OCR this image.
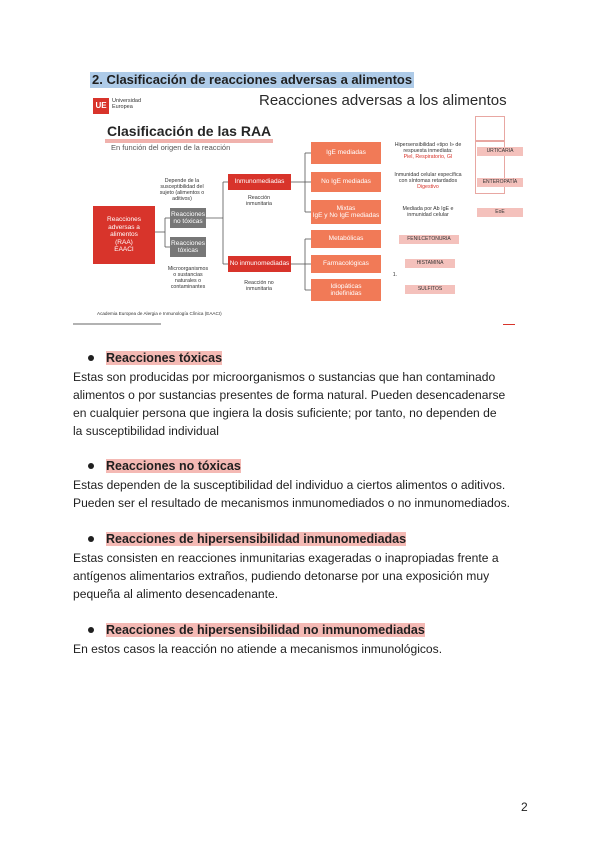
2. Clasificación de reacciones adversas a alimentos
UE Universidad
Europea	Reacciones adversas a los alimentos
Clasificación de las RAA
En función del origen de la reacción
Reacciones
adversas a
alimentos
(RAA)
EAACI
Depende de la
susceptibilidad del
sujeto (alimentos o
aditivos)
Reacciones
no tóxicas
Reacciones
tóxicas
Microorganismos
o sustancias
naturales o
contaminantes
Inmunomediadas
Reacción
inmunitaria
No inmunomediadas
Reacción no
inmunitaria
IgE mediadas
No IgE mediadas
Mixtas
IgE y No IgE mediadas
Metabólicas
Farmacológicas
Idiopáticas
indefinidas
Hipersensibilidad «tipo I» de
respuesta inmediata:
Piel, Respiratorio, GI
Inmunidad celular específica
con síntomas retardados
Digestivo
Mediada por Ab IgE e
inmunidad celular
URTICARIA
ENTEROPATÍA
EoE
FENILCETONURIA
HISTAMINA
1.
SULFITOS
Academia Europea de Alergia e Inmunología Clínica (EAACI)
Reacciones tóxicas
Estas son producidas por microorganismos o sustancias que han contaminado
alimentos o por sustancias presentes de forma natural. Pueden desencadenarse
en cualquier persona que ingiera la dosis suficiente; por tanto, no dependen de
la susceptibilidad individual
Reacciones no tóxicas
Estas dependen de la susceptibilidad del individuo a ciertos alimentos o aditivos.
Pueden ser el resultado de mecanismos inmunomediados o no inmunomediados.
Reacciones de hipersensibilidad inmunomediadas
Estas consisten en reacciones inmunitarias exageradas o inapropiadas frente a
antígenos alimentarios extraños, pudiendo detonarse por una exposición muy
pequeña al alimento desencadenante.
Reacciones de hipersensibilidad no inmunomediadas
En estos casos la reacción no atiende a mecanismos inmunológicos.
2
